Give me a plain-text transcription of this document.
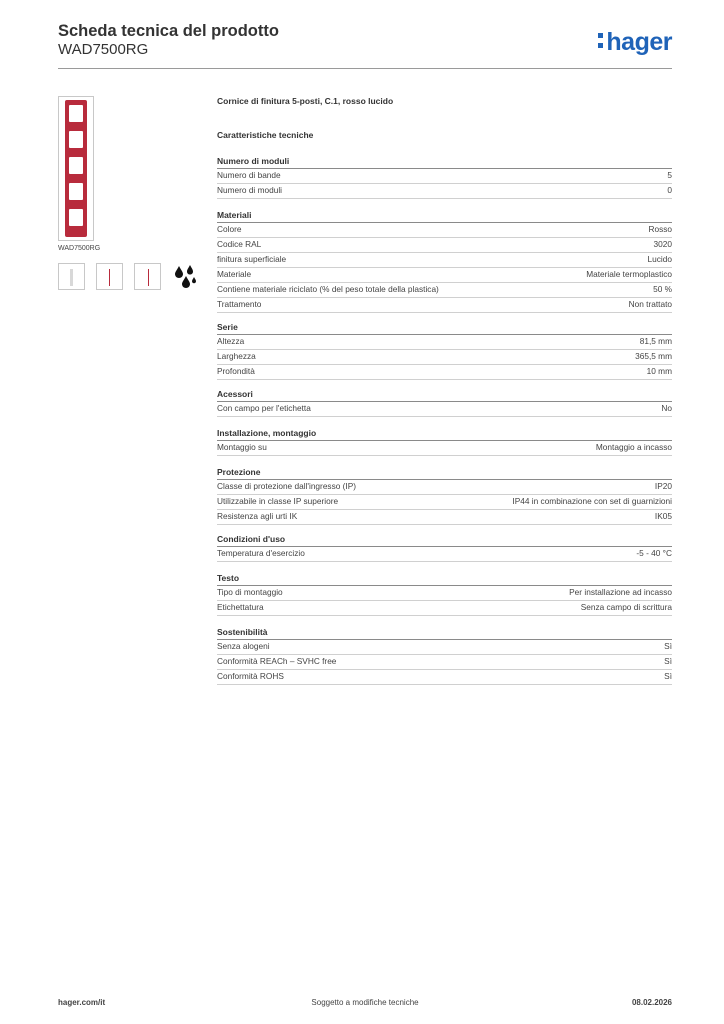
Scheda tecnica del prodotto
WAD7500RG	hager
WAD7500RG
Cornice di finitura 5-posti, C.1, rosso lucido
Caratteristiche tecniche
Numero di moduli
Numero di bande	5
Numero di moduli	0
Materiali
Colore	Rosso
Codice RAL	3020
finitura superficiale	Lucido
Materiale	Materiale termoplastico
Contiene materiale riciclato (% del peso totale della plastica)	50 %
Trattamento	Non trattato
Serie
Altezza	81,5 mm
Larghezza	365,5 mm
Profondità	10 mm
Acessori
Con campo per l'etichetta	No
Installazione, montaggio
Montaggio su	Montaggio a incasso
Protezione
Classe di protezione dall'ingresso (IP)	IP20
Utilizzabile in classe IP superiore	IP44 in combinazione con set di guarnizioni
Resistenza agli urti IK	IK05
Condizioni d'uso
Temperatura d'esercizio	-5 - 40 °C
Testo
Tipo di montaggio	Per installazione ad incasso
Etichettatura	Senza campo di scrittura
Sostenibilità
Senza alogeni	Sì
Conformità REACh – SVHC free	Sì
Conformità ROHS	Sì
hager.com/it	Soggetto a modifiche tecniche	08.02.2026
